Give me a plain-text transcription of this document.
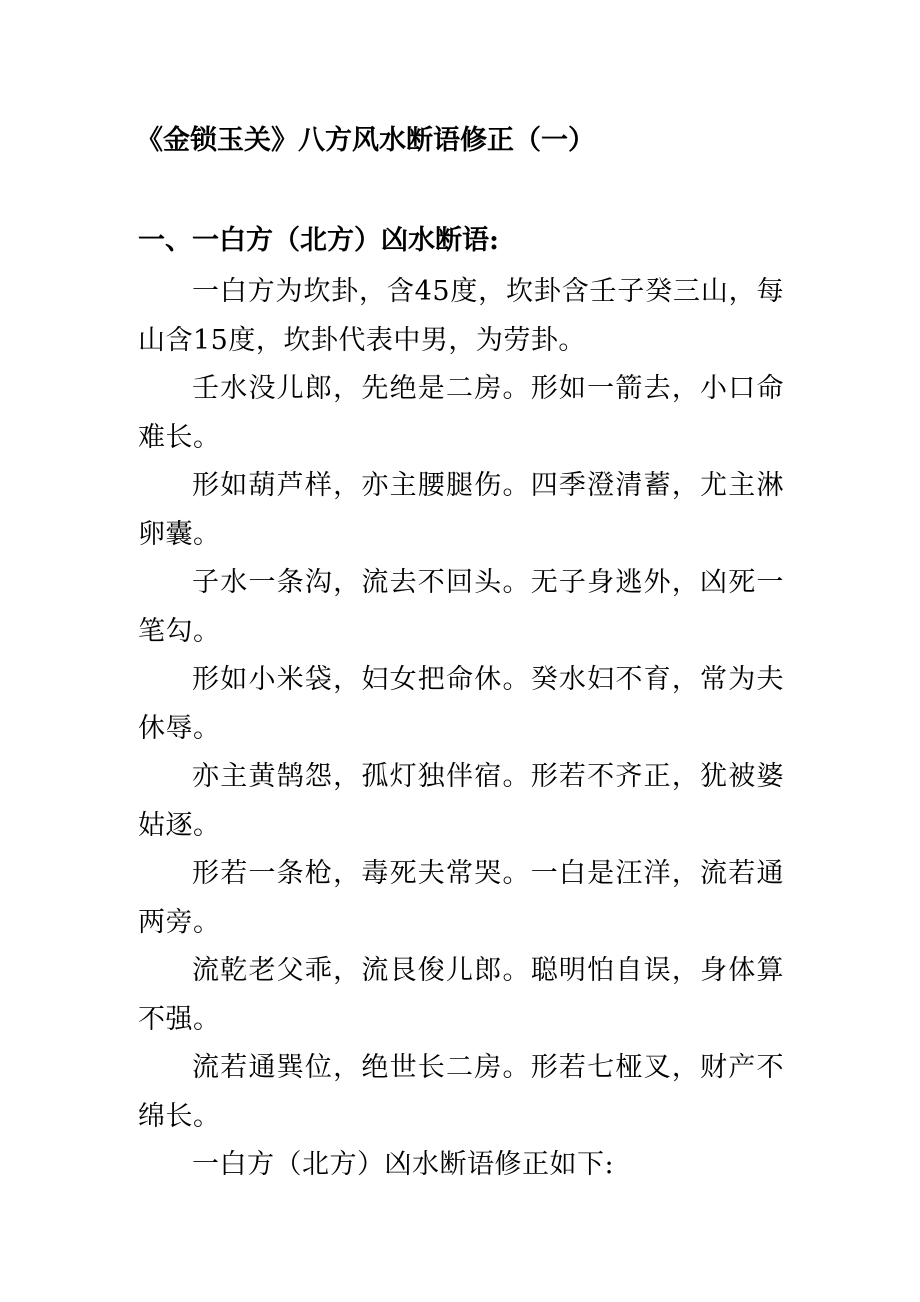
《金锁玉关》八方风水断语修正（一）
一、一白方（北方）凶水断语:

一白方为坎卦，含45度，坎卦含壬子癸三山，每山含15度，坎卦代表中男，为劳卦。

壬水没儿郎，先绝是二房。形如一箭去，小口命难长。

形如葫芦样，亦主腰腿伤。四季澄清蓄，尤主淋卵囊。

子水一条沟，流去不回头。无子身逃外，凶死一笔勾。

形如小米袋，妇女把命休。癸水妇不育，常为夫休辱。

亦主黄鹄怨，孤灯独伴宿。形若不齐正，犹被婆姑逐。

形若一条枪，毒死夫常哭。一白是汪洋，流若通两旁。

流乾老父乖，流艮俊儿郎。聪明怕自误，身体算不强。

流若通巽位，绝世长二房。形若七桠叉，财产不绵长。

一白方（北方）凶水断语修正如下:
